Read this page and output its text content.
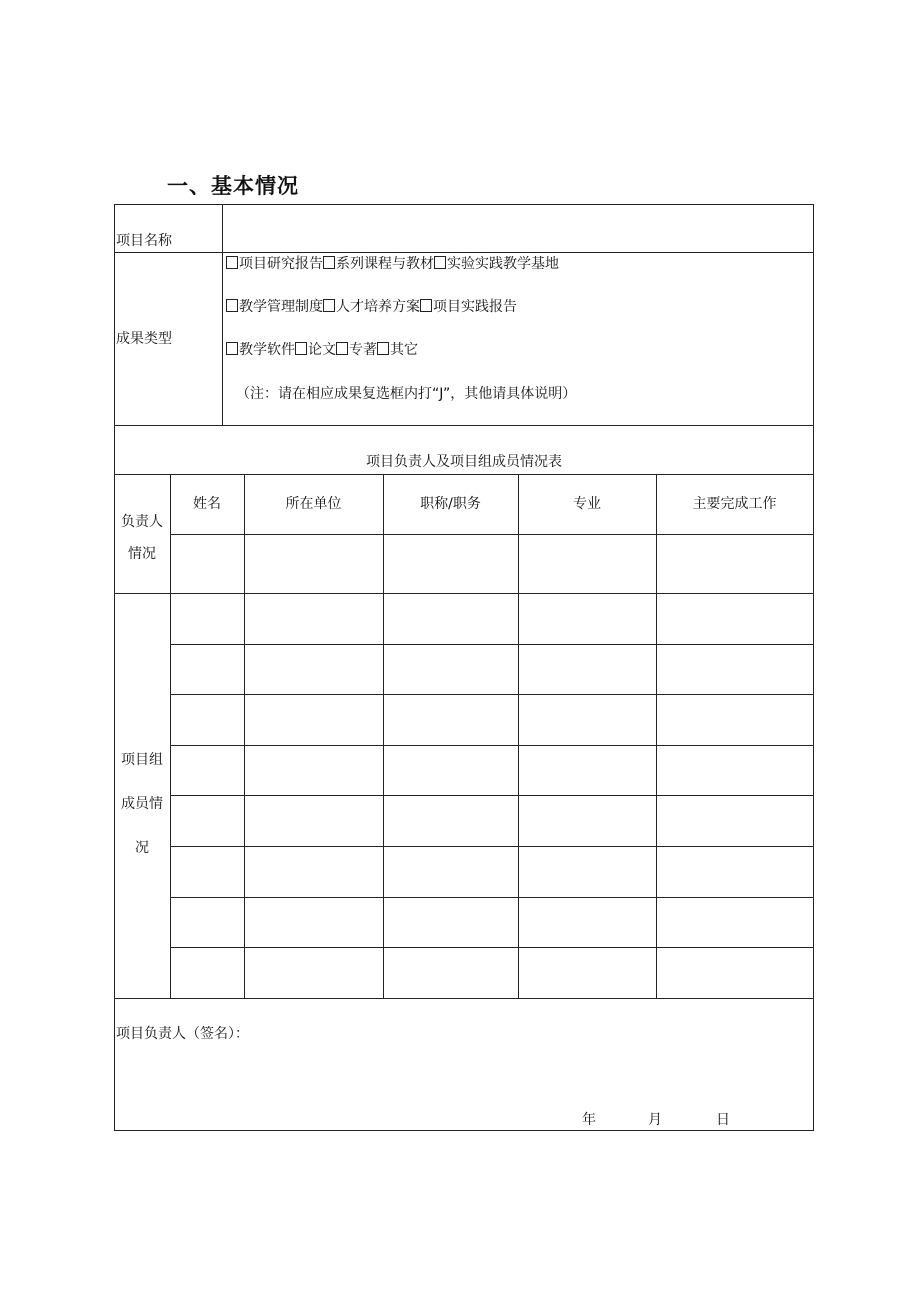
一、基本情况
项目名称
成果类型
项目研究报告 系列课程与教材 实验实践教学基地
教学管理制度 人才培养方案 项目实践报告
教学软件 论文 专著 其它
（注：请在相应成果复选框内打“J”，其他请具体说明）
项目负责人及项目组成员情况表
姓名	所在单位	职称/职务	专业	主要完成工作
负责人
情况
项目组
成员情
况
项目负责人（签名）：
年	月	日
